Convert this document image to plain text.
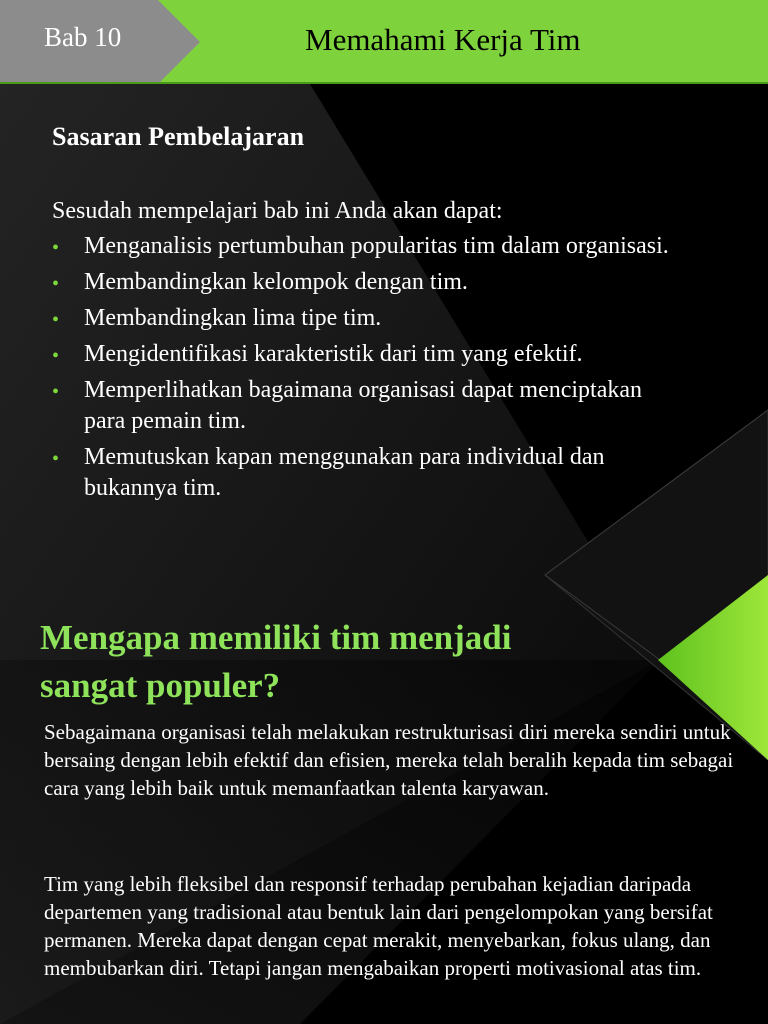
Bab 10	Memahami Kerja Tim
Sasaran Pembelajaran
Sesudah mempelajari bab ini Anda akan dapat:
• Menganalisis pertumbuhan popularitas tim dalam organisasi.
• Membandingkan kelompok dengan tim.
• Membandingkan lima tipe tim.
• Mengidentifikasi karakteristik dari tim yang efektif.
• Memperlihatkan bagaimana organisasi dapat menciptakan para pemain tim.
• Memutuskan kapan menggunakan para individual dan bukannya tim.
Mengapa memiliki tim menjadi sangat populer?
Sebagaimana organisasi telah melakukan restrukturisasi diri mereka sendiri untuk bersaing dengan lebih efektif dan efisien, mereka telah beralih kepada tim sebagai cara yang lebih baik untuk memanfaatkan talenta karyawan.
Tim yang lebih fleksibel dan responsif terhadap perubahan kejadian daripada departemen yang tradisional atau bentuk lain dari pengelompokan yang bersifat permanen. Mereka dapat dengan cepat merakit, menyebarkan, fokus ulang, dan membubarkan diri. Tetapi jangan mengabaikan properti motivasional atas tim.
